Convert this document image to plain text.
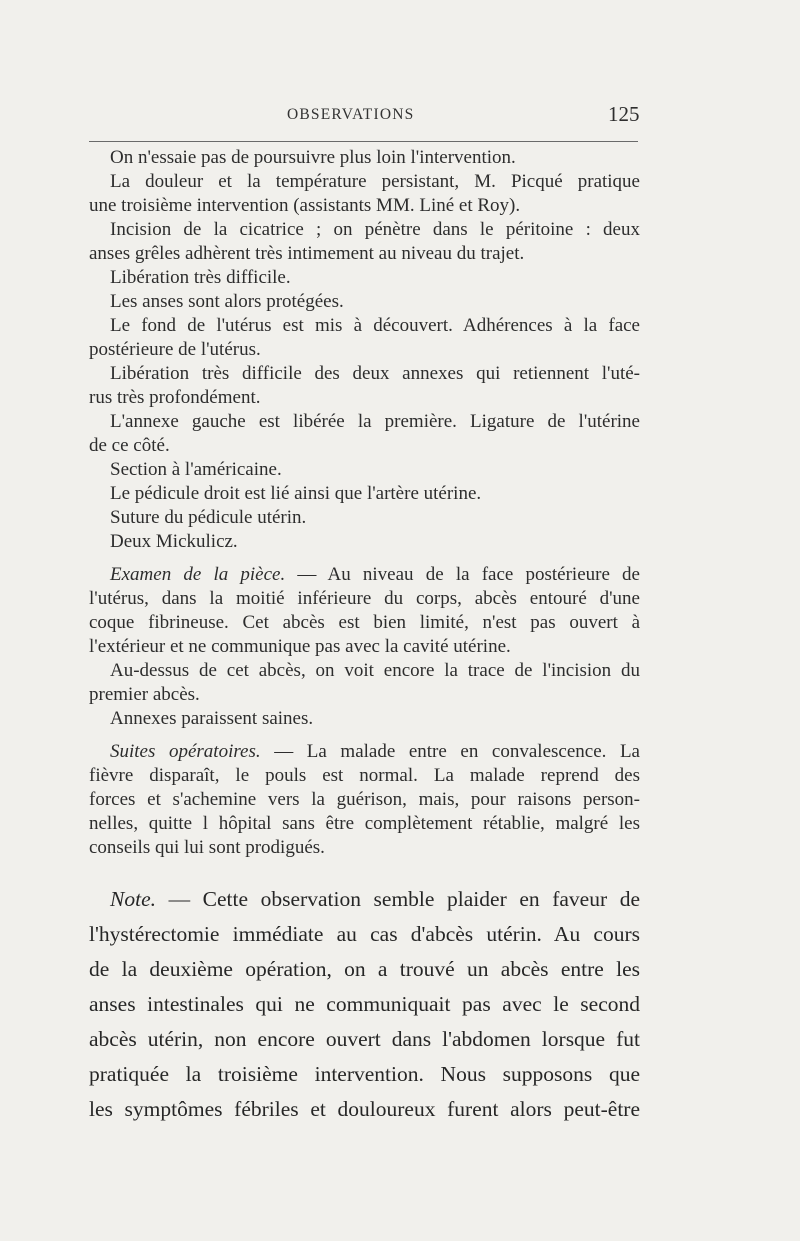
OBSERVATIONS	125
On n'essaie pas de poursuivre plus loin l'intervention.
La douleur et la température persistant, M. Picqué pratique
une troisième intervention (assistants MM. Liné et Roy).
Incision de la cicatrice ; on pénètre dans le péritoine : deux
anses grêles adhèrent très intimement au niveau du trajet.
Libération très difficile.
Les anses sont alors protégées.
Le fond de l'utérus est mis à découvert. Adhérences à la face
postérieure de l'utérus.
Libération très difficile des deux annexes qui retiennent l'uté-
rus très profondément.
L'annexe gauche est libérée la première. Ligature de l'utérine
de ce côté.
Section à l'américaine.
Le pédicule droit est lié ainsi que l'artère utérine.
Suture du pédicule utérin.
Deux Mickulicz.
Examen de la pièce. — Au niveau de la face postérieure de
l'utérus, dans la moitié inférieure du corps, abcès entouré d'une
coque fibrineuse. Cet abcès est bien limité, n'est pas ouvert à
l'extérieur et ne communique pas avec la cavité utérine.
Au-dessus de cet abcès, on voit encore la trace de l'incision du
premier abcès.
Annexes paraissent saines.
Suites opératoires. — La malade entre en convalescence. La
fièvre disparaît, le pouls est normal. La malade reprend des
forces et s'achemine vers la guérison, mais, pour raisons person-
nelles, quitte l hôpital sans être complètement rétablie, malgré les
conseils qui lui sont prodigués.
Note. — Cette observation semble plaider en faveur de
l'hystérectomie immédiate au cas d'abcès utérin. Au cours
de la deuxième opération, on a trouvé un abcès entre les
anses intestinales qui ne communiquait pas avec le second
abcès utérin, non encore ouvert dans l'abdomen lorsque fut
pratiquée la troisième intervention. Nous supposons que
les symptômes fébriles et douloureux furent alors peut-être
